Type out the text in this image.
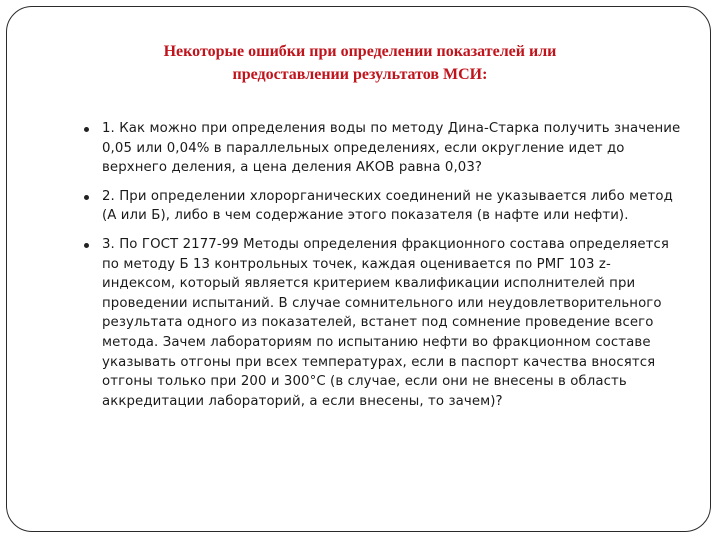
Некоторые ошибки при определении показателей или
предоставлении результатов МСИ:
1. Как можно при определения воды по методу Дина-Старка получить значение 0,05 или 0,04% в параллельных определениях, если округление идет до верхнего деления, а цена деления АКОВ равна 0,03?
2. При определении хлорорганических соединений не указывается либо метод (А или Б), либо в чем содержание этого показателя (в нафте или нефти).
3. По ГОСТ 2177-99 Методы определения фракционного состава определяется по методу Б 13 контрольных точек, каждая оценивается по РМГ 103 z-индексом, который является критерием квалификации исполнителей при проведении испытаний. В случае сомнительного или неудовлетворительного результата одного из показателей, встанет под сомнение проведение всего метода. Зачем лабораториям по испытанию нефти во фракционном составе указывать отгоны при всех температурах, если в паспорт качества вносятся отгоны только при 200 и 300°С (в случае, если они не внесены в область аккредитации лабораторий, а если внесены, то зачем)?
